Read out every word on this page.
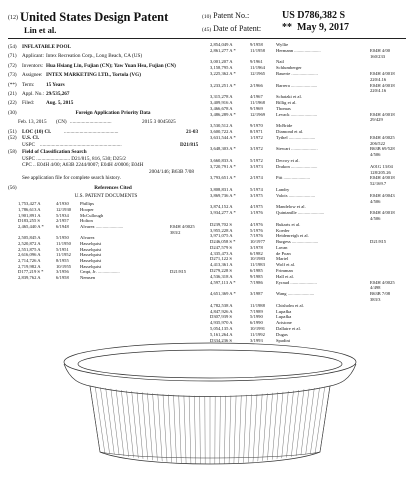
(12) United States Design Patent
Lin et al.
(10) Patent No.:	US D786,382 S
(45) Date of Patent: ** May 9, 2017
(54)	INFLATABLE POOL
(71)	Applicant: Intex Recreation Corp., Long Beach, CA (US)
(72)	Inventors: Hua Hsiang Lin, Fujian (CN); Yaw Yuan Hsu, Fujian (CN)
(73)	Assignee: INTEX MARKETING LTD., Tortola (VG)
(**)	Term:	15 Years
(21)	Appl. No.: 29/535,267
(22)	Filed:	Aug. 5, 2015
(30)	Foreign Application Priority Data
Feb. 13, 2015 (CN) ................................	2015 3 0045025
(51) LOC (10) Cl.	..........................................	21-03
(52) U.S. Cl.
USPC ...............................................................	D21/815
(58) Field of Classification Search
USPC .......................... D21/815, 816, 530; D25/2
CPC .. E04H 4/00; A63B 2244/0007; E04H 4/0006; E04H
2004/146; B63B 7/08
See application file for complete search history.
(56)	References Cited
U.S. PATENT DOCUMENTS
1,753,427 A	4/1930 Phillips
1,786,613 A	12/1930 Hooper
1,901,891 A	5/1934 McCullough
D183,255 S	2/1957 Holton
2,465,440 A *	6/1948 Alvarez ........................	E04H 4/0025
383/2
2,505,845 A	5/1950 Alvarez
2,520,872 A	11/1950 Hasselquist
2,551,875 A	5/1951 Hasselquist
2,616,096 A	11/1952 Hasselquist
2,714,726 A	8/1955 Hasselquist
2,719,982 A	10/1955 Hasselquist
D177,219 S *	3/1956 Cmpt, Jr. ...................	D21/815
2,839,762 A	6/1958 Nemsen
2,854,049 A	9/1958	Wyllie
2,861,277 A *	11/1958 Hermann .......................	E04H 4/00
160/233
3,001,207 A	9/1961	Nail
3,158,795 A	11/1964 Schlumberger
3,225,362 A *	12/1965 Bauerie .......................	E04H 4/0018
220/4.16
3,233,251 A *	2/1966	Barrera .......................	E04H 4/0018
220/4.16
3,315,278 A	4/1967	Schatzki et al.
3,409,916 A	11/1968 Billig et al.
3,466,678 A	9/1969	Thomas
3,486,289 A *	12/1969 Levack .......................	E04H 4/0018
29/429
3,530,512 A	9/1970	McBride
3,600,722 A	8/1971	Diamond et al.
3,631,544 A *	1/1972	Tythel .......................	E04H 4/0025
206/522
3,648,303 A *	3/1972	Stewart .......................	B63B 69/528
4/506
3,660,833 A	5/1972	Decroy et al.
3,720,791 A *	3/1973	Drakon .......................	A01G 13/04
128/205.26
3,793,651 A *	2/1974	Pitt .......................	E04H 4/0018
52/169.7
3,808,831 A	5/1974	Landry
3,869,736 A *	3/1975	Valois .......................	E04H 4/0043
4/506
3,874,152 A	4/1975	Mandelow et al.
3,934,277 A *	1/1976	Quintanille .......................	E04H 4/0018
4/506
D239,702 S	4/1976	Bukarts et al.
3,955,228 A	5/1976	Koeder
3,971,075 A	7/1976	Heidenreigh et al.
D246,058 S *	10/1977 Burgess .......................	D21/815
D247,579 S	3/1978	Lavan
4,335,473 A	6/1982	de Poan
D271,122 S	10/1983 Mariel
4,413,361 A	11/1983 Wolf et al.
D279,228 S	6/1985	Frimman
4,536,318 A	9/1985	Hall et al.
4,597,113 A *	7/1986	Eyraud .......................	E04H 4/0025
4/498
4,651,369 A *	3/1987	Wang .......................	B63B 7/08
383/3
4,782,538 A	11/1988 Chisholm et al.
4,847,926 A	7/1989	Lupafka
D307,939 S	5/1990	Lupafka
4,935,970 A	6/1990	Aristone
5,054,135 A	10/1991 Dallaire et al.
5,161,264 A	11/1992 Dugas
D334,236 S	3/1993	Spadini
